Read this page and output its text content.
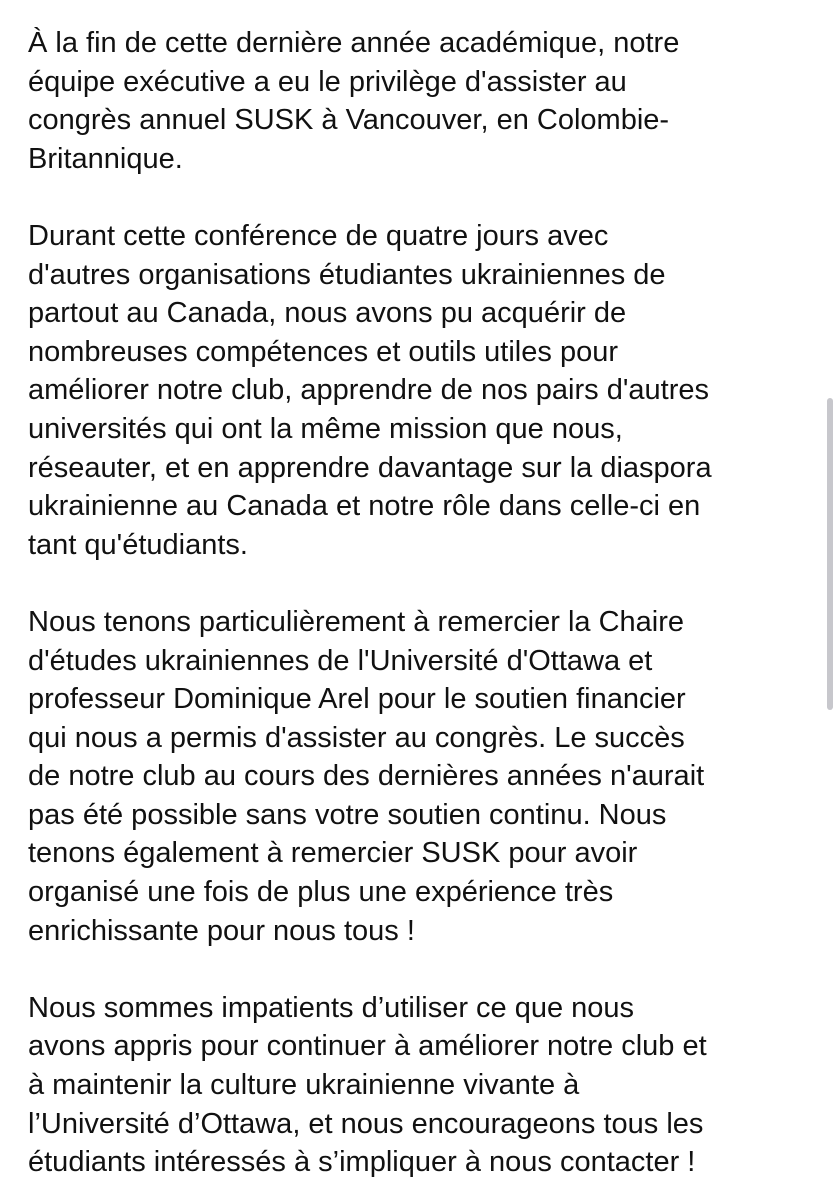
À la fin de cette dernière année académique, notre
équipe exécutive a eu le privilège d'assister au
congrès annuel SUSK à Vancouver, en Colombie-
Britannique.
Durant cette conférence de quatre jours avec
d'autres organisations étudiantes ukrainiennes de
partout au Canada, nous avons pu acquérir de
nombreuses compétences et outils utiles pour
améliorer notre club, apprendre de nos pairs d'autres
universités qui ont la même mission que nous,
réseauter, et en apprendre davantage sur la diaspora
ukrainienne au Canada et notre rôle dans celle-ci en
tant qu'étudiants.
Nous tenons particulièrement à remercier la Chaire
d'études ukrainiennes de l'Université d'Ottawa et
professeur Dominique Arel pour le soutien financier
qui nous a permis d'assister au congrès. Le succès
de notre club au cours des dernières années n'aurait
pas été possible sans votre soutien continu. Nous
tenons également à remercier SUSK pour avoir
organisé une fois de plus une expérience très
enrichissante pour nous tous !
Nous sommes impatients d’utiliser ce que nous
avons appris pour continuer à améliorer notre club et
à maintenir la culture ukrainienne vivante à
l’Université d’Ottawa, et nous encourageons tous les
étudiants intéressés à s’impliquer à nous contacter !
